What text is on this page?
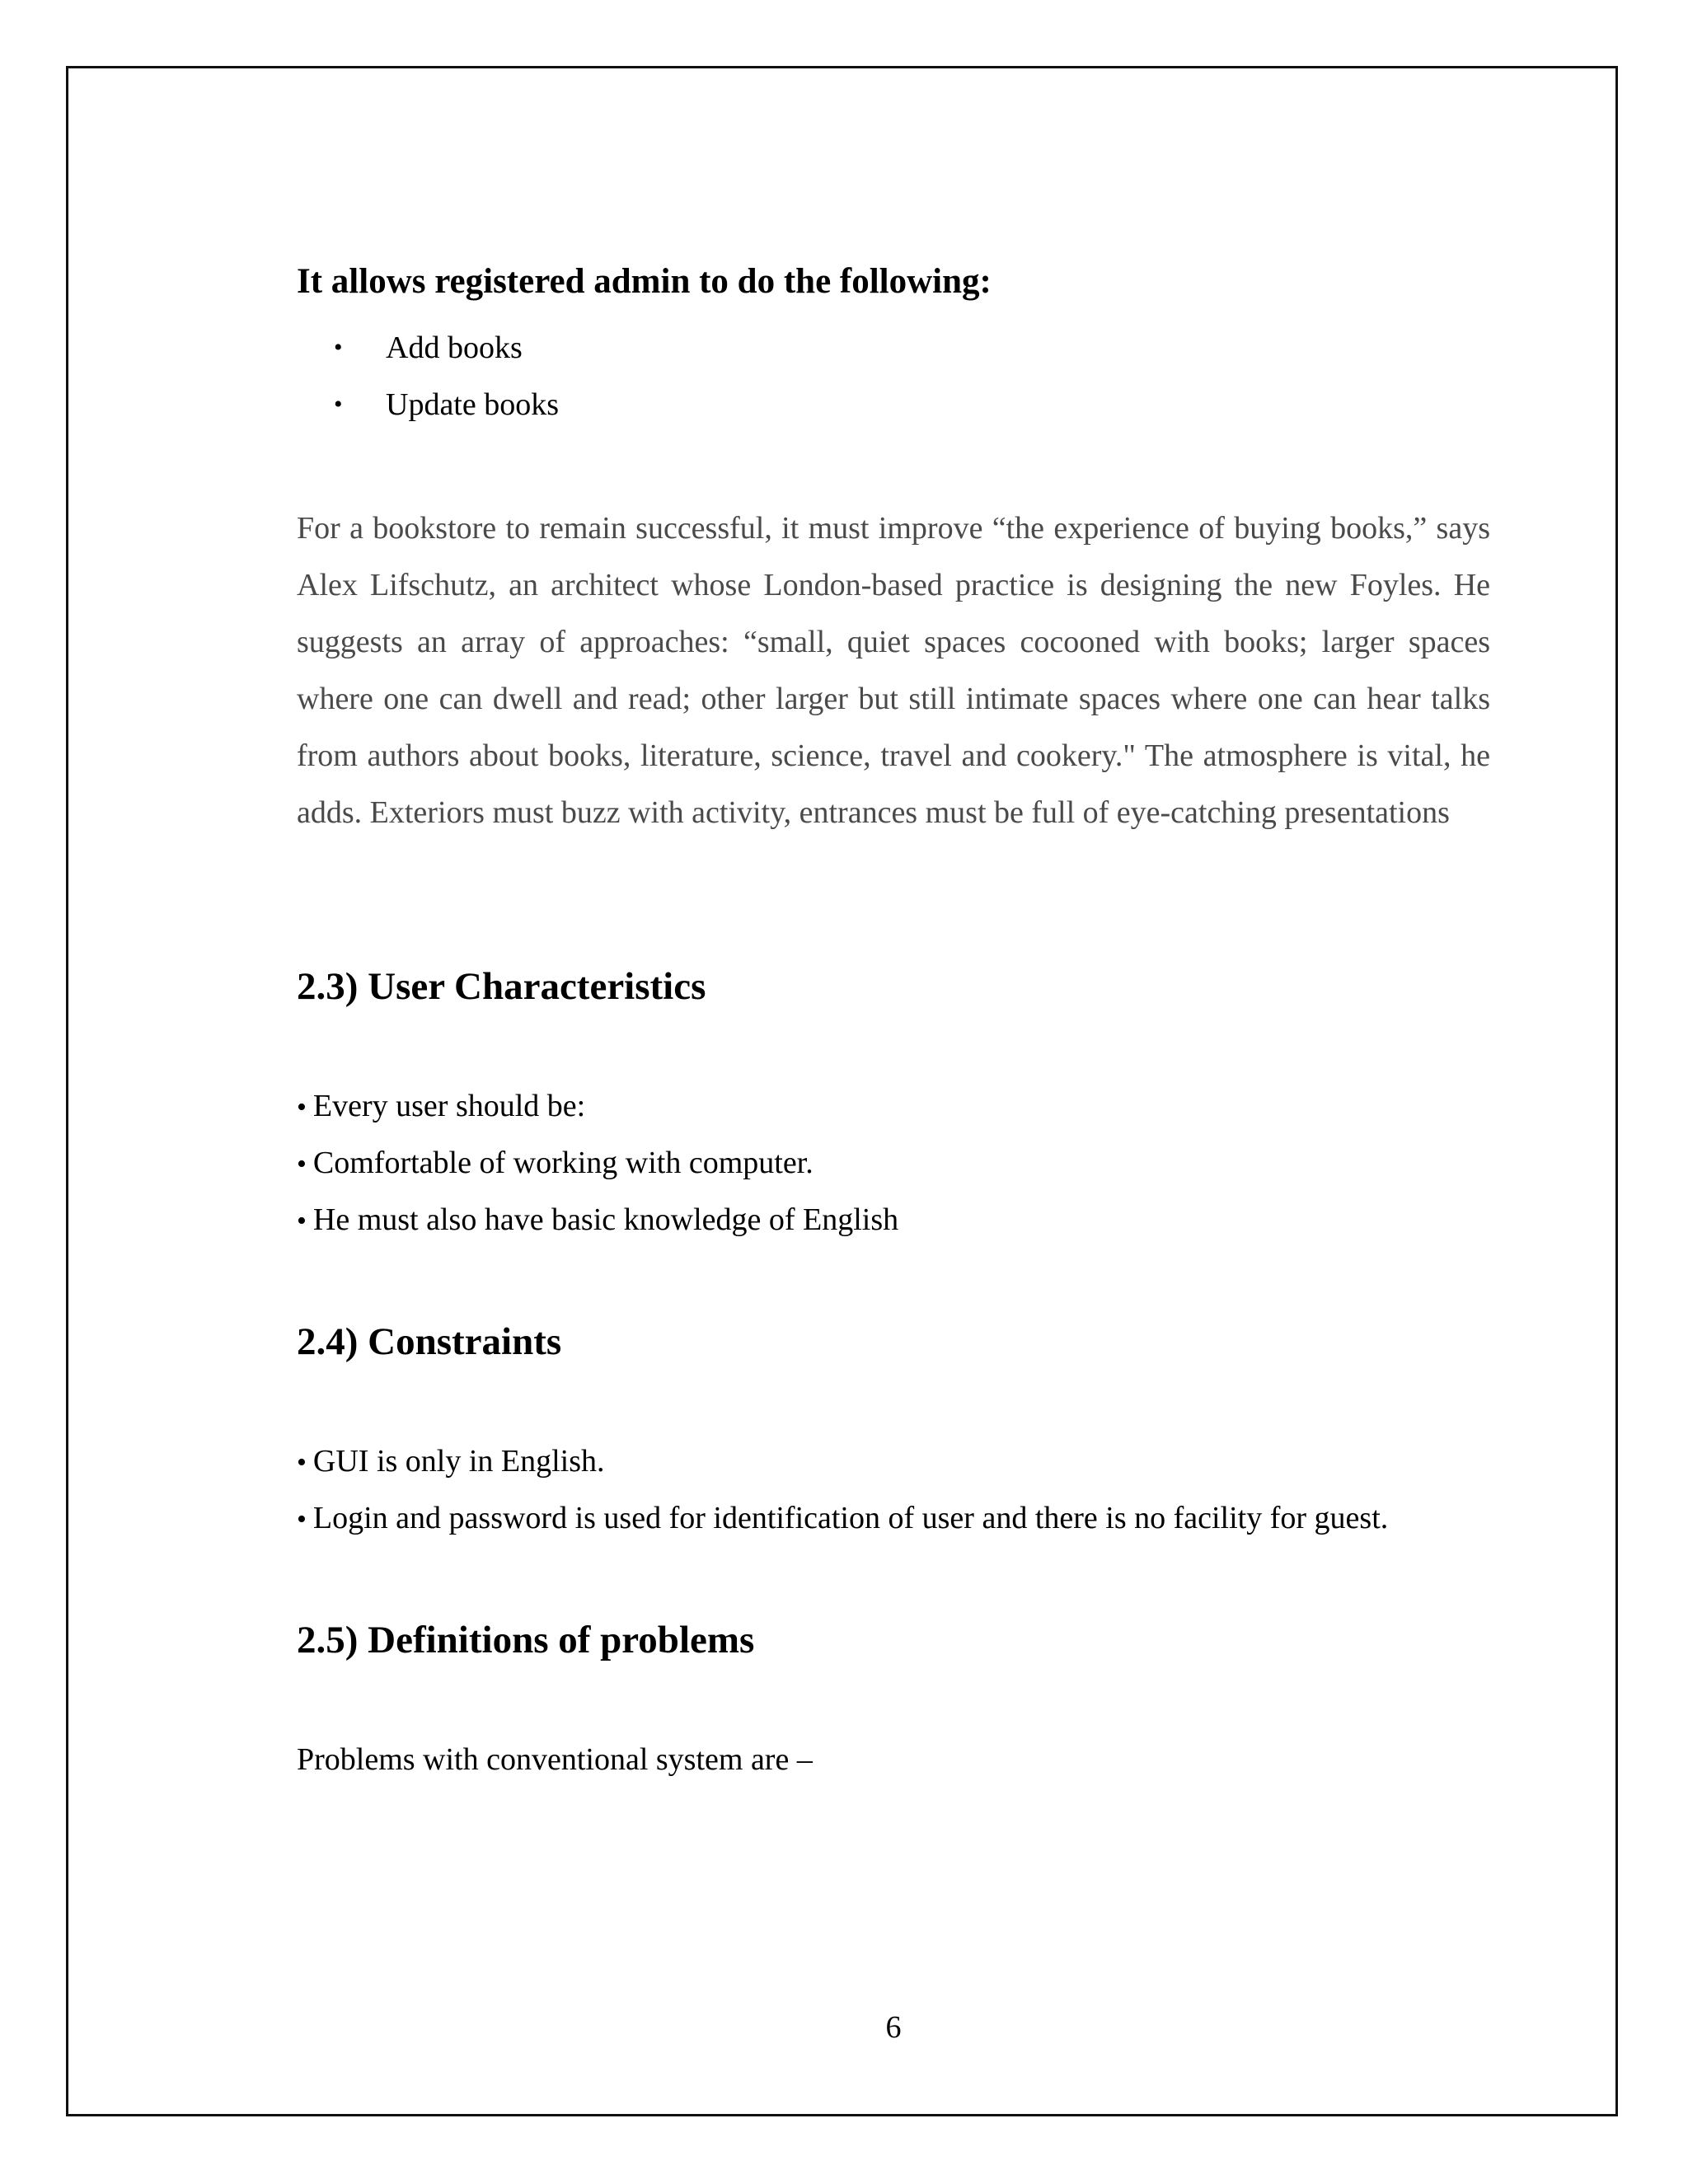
It allows registered admin to do the following:
• Add books
• Update books

For a bookstore to remain successful, it must improve “the experience of buying books,” says Alex Lifschutz, an architect whose London-based practice is designing the new Foyles. He suggests an array of approaches: “small, quiet spaces cocooned with books; larger spaces where one can dwell and read; other larger but still intimate spaces where one can hear talks from authors about books, literature, science, travel and cookery." The atmosphere is vital, he adds. Exteriors must buzz with activity, entrances must be full of eye-catching presentations

2.3) User Characteristics
• Every user should be:
• Comfortable of working with computer.
• He must also have basic knowledge of English
2.4) Constraints
• GUI is only in English.
• Login and password is used for identification of user and there is no facility for guest.
2.5) Definitions of problems

Problems with conventional system are –

6
